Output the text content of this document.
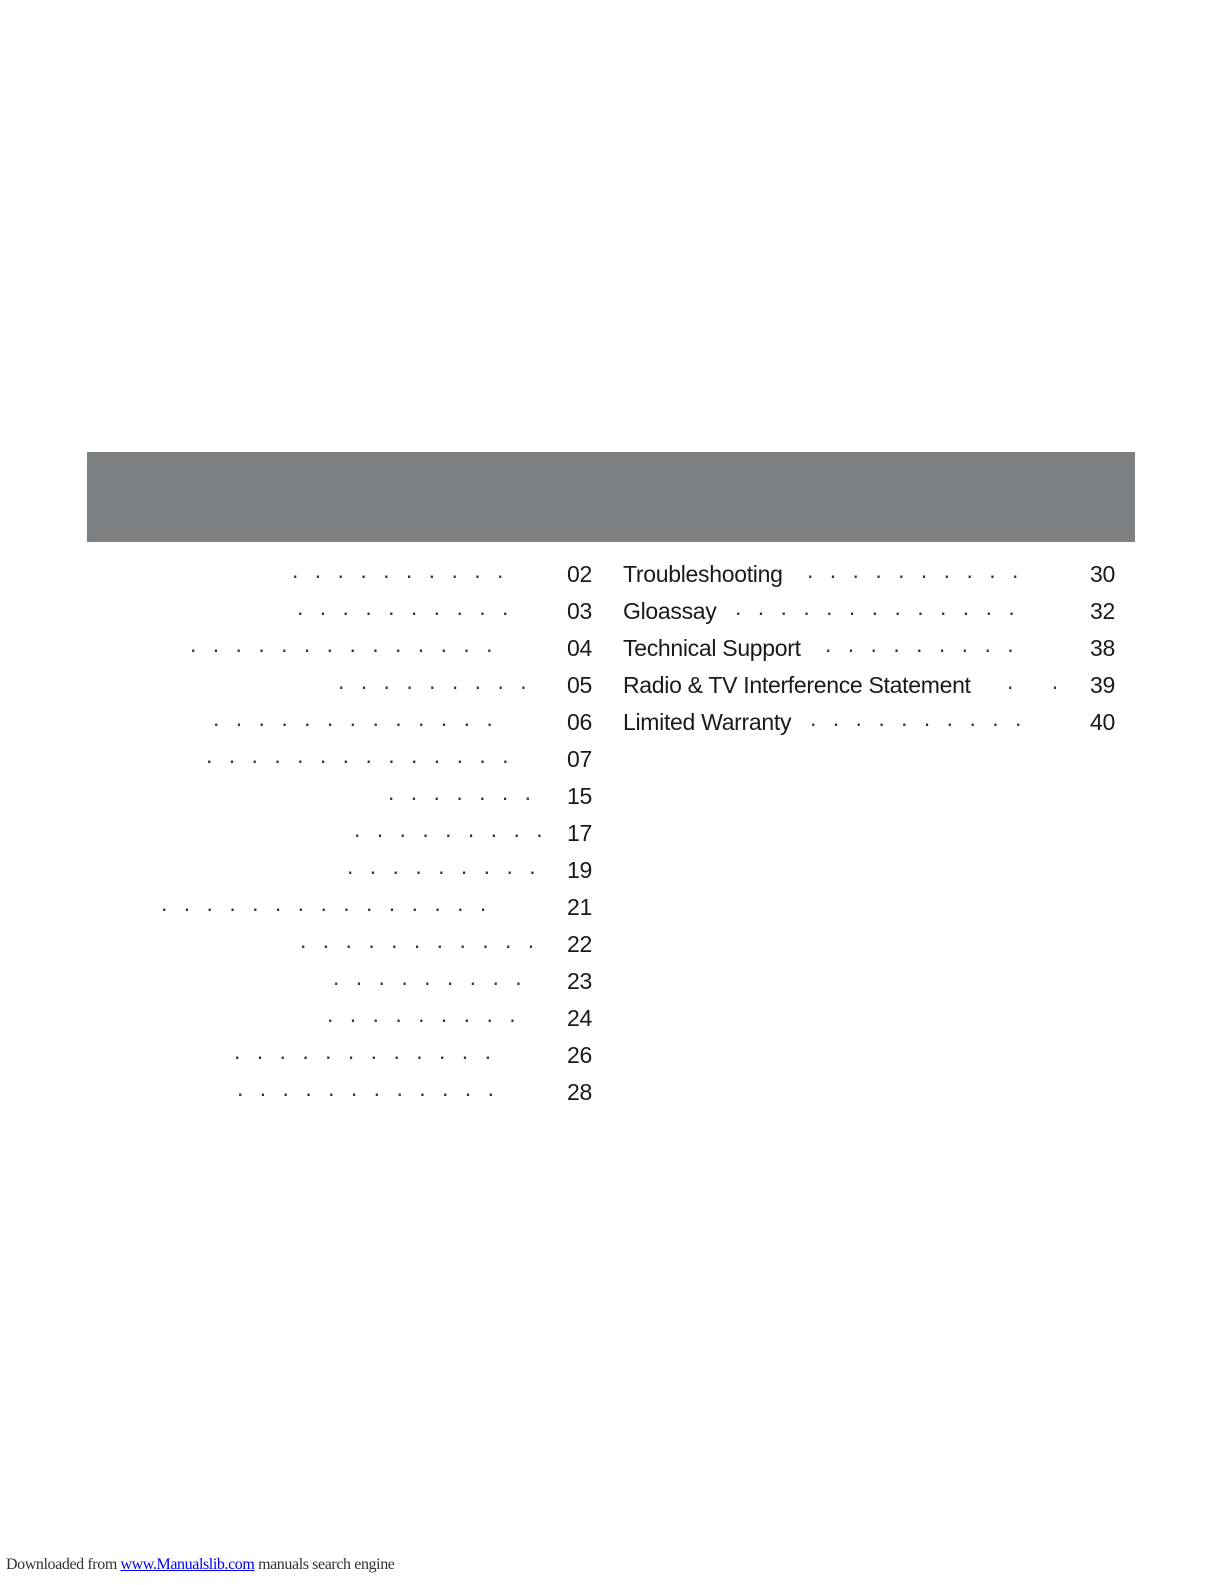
. . . . . . . . . .	02
. . . . . . . . . .	03
. . . . . . . . . . . . . .	04
. . . . . . . . . 05
. . . . . . . . . . . . .	06
. . . . . . . . . . . . . .	07
. . . . . . . 15
. . . . . . . . . 17
. . . . . . . . . 19
. . . . . . . . . . . . . . .	21
. . . . . . . . . . . 22
. . . . . . . . . 23
. . . . . . . . . 24
. . . . . . . . . . . .	26
. . . . . . . . . . . .	28
Troubleshooting . . . . . . . . . .	30
Gloassay . . . . . . . . . . . . .	32
Technical Support . . . . . . . . .	38
Radio & TV Interference Statement . . 39
Limited Warranty . . . . . . . . . .	40
Downloaded from www.Manualslib.com manuals search engine
